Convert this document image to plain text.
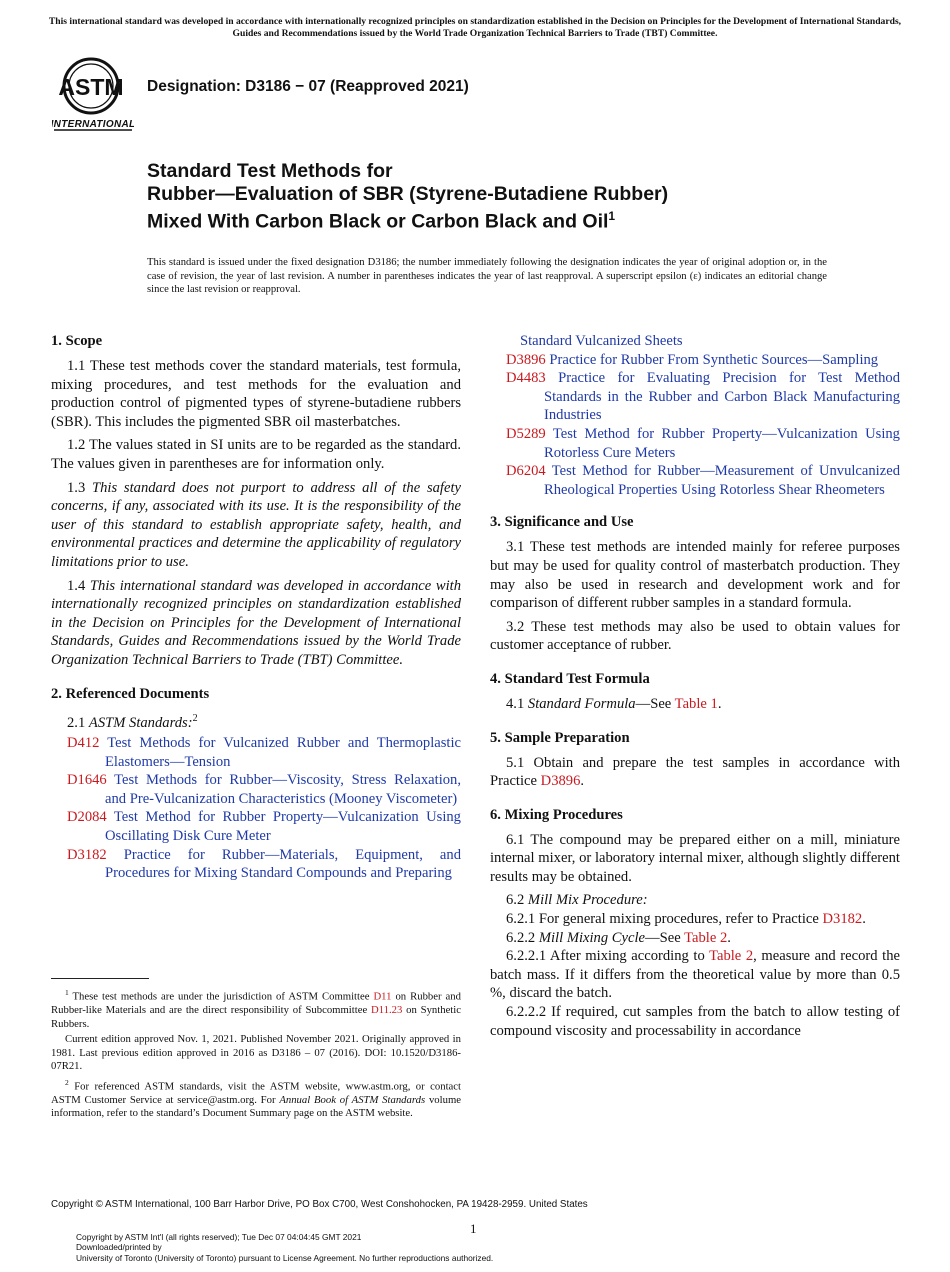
This international standard was developed in accordance with internationally recognized principles on standardization established in the Decision on Principles for the Development of International Standards, Guides and Recommendations issued by the World Trade Organization Technical Barriers to Trade (TBT) Committee.
ASTM
INTERNATIONAL
Designation: D3186 − 07 (Reapproved 2021)
Standard Test Methods for
Rubber—Evaluation of SBR (Styrene-Butadiene Rubber)
Mixed With Carbon Black or Carbon Black and Oil$^1$
This standard is issued under the fixed designation D3186; the number immediately following the designation indicates the year of original adoption or, in the case of revision, the year of last revision. A number in parentheses indicates the year of last reapproval. A superscript epsilon (ε) indicates an editorial change since the last revision or reapproval.
1. Scope

1.1 These test methods cover the standard materials, test formula, mixing procedures, and test methods for the evaluation and production control of pigmented types of styrene-butadiene rubbers (SBR). This includes the pigmented SBR oil masterbatches.

1.2 The values stated in SI units are to be regarded as the standard. The values given in parentheses are for information only.

1.3 This standard does not purport to address all of the safety concerns, if any, associated with its use. It is the responsibility of the user of this standard to establish appropriate safety, health, and environmental practices and determine the applicability of regulatory limitations prior to use.

1.4 This international standard was developed in accordance with internationally recognized principles on standardization established in the Decision on Principles for the Development of International Standards, Guides and Recommendations issued by the World Trade Organization Technical Barriers to Trade (TBT) Committee.

2. Referenced Documents

2.1 ASTM Standards:$^2$

D412 Test Methods for Vulcanized Rubber and Thermoplastic Elastomers—Tension
D1646 Test Methods for Rubber—Viscosity, Stress Relaxation, and Pre-Vulcanization Characteristics (Mooney Viscometer)
D2084 Test Method for Rubber Property—Vulcanization Using Oscillating Disk Cure Meter
D3182 Practice for Rubber—Materials, Equipment, and Procedures for Mixing Standard Compounds and Preparing
$^1$ These test methods are under the jurisdiction of ASTM Committee D11 on Rubber and Rubber-like Materials and are the direct responsibility of Subcommittee D11.23 on Synthetic Rubbers.
Current edition approved Nov. 1, 2021. Published November 2021. Originally approved in 1981. Last previous edition approved in 2016 as D3186 – 07 (2016). DOI: 10.1520/D3186-07R21.
$^2$ For referenced ASTM standards, visit the ASTM website, www.astm.org, or contact ASTM Customer Service at service@astm.org. For Annual Book of ASTM Standards volume information, refer to the standard’s Document Summary page on the ASTM website.
Standard Vulcanized Sheets
D3896 Practice for Rubber From Synthetic Sources—Sampling
D4483 Practice for Evaluating Precision for Test Method Standards in the Rubber and Carbon Black Manufacturing Industries
D5289 Test Method for Rubber Property—Vulcanization Using Rotorless Cure Meters
D6204 Test Method for Rubber—Measurement of Unvulcanized Rheological Properties Using Rotorless Shear Rheometers
3. Significance and Use

3.1 These test methods are intended mainly for referee purposes but may be used for quality control of masterbatch production. They may also be used in research and development work and for comparison of different rubber samples in a standard formula.

3.2 These test methods may also be used to obtain values for customer acceptance of rubber.

4. Standard Test Formula

4.1 Standard Formula—See Table 1.

5. Sample Preparation

5.1 Obtain and prepare the test samples in accordance with Practice D3896.

6. Mixing Procedures

6.1 The compound may be prepared either on a mill, miniature internal mixer, or laboratory internal mixer, although slightly different results may be obtained.

6.2 Mill Mix Procedure:

6.2.1 For general mixing procedures, refer to Practice D3182.

6.2.2 Mill Mixing Cycle—See Table 2.

6.2.2.1 After mixing according to Table 2, measure and record the batch mass. If it differs from the theoretical value by more than 0.5 %, discard the batch.

6.2.2.2 If required, cut samples from the batch to allow testing of compound viscosity and processability in accordance

Copyright © ASTM International, 100 Barr Harbor Drive, PO Box C700, West Conshohocken, PA 19428-2959. United States
1
Copyright by ASTM Int'l (all rights reserved); Tue Dec 07 04:04:45 GMT 2021
Downloaded/printed by
University of Toronto (University of Toronto) pursuant to License Agreement. No further reproductions authorized.
